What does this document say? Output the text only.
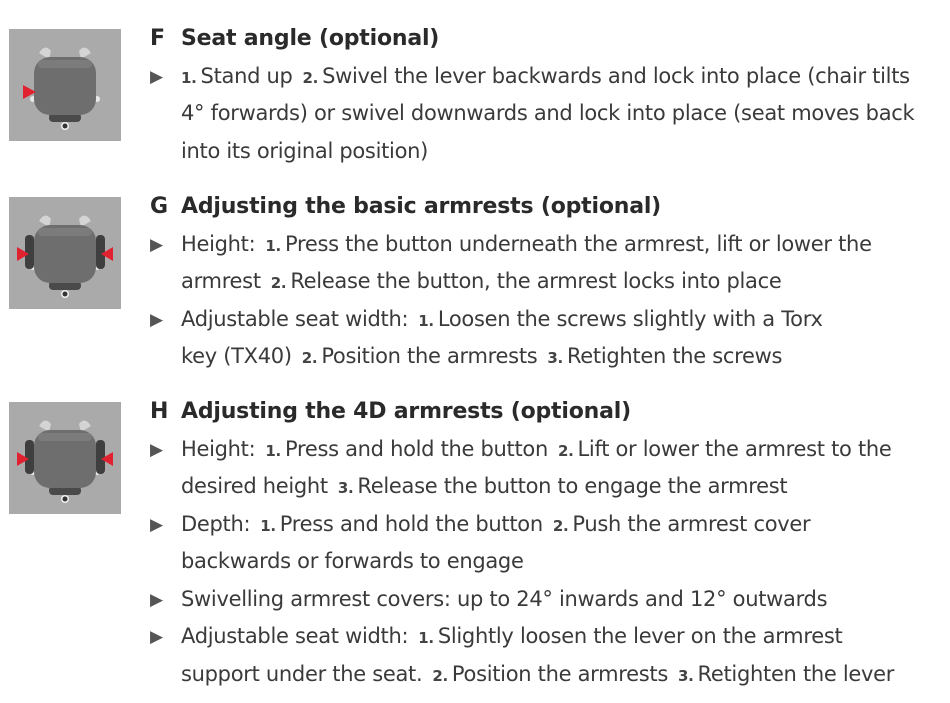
F Seat angle (optional)
▶	1. Stand up 2. Swivel the lever backwards and lock into place (chair tilts
4° forwards) or swivel downwards and lock into place (seat moves back
into its original position)
G Adjusting the basic armrests (optional)
▶ Height: 1. Press the button underneath the armrest, lift or lower the
armrest 2. Release the button, the armrest locks into place
▶ Adjustable seat width: 1. Loosen the screws slightly with a Torx
key (TX40) 2. Position the armrests 3. Retighten the screws
H Adjusting the 4D armrests (optional)
▶ Height: 1. Press and hold the button 2. Lift or lower the armrest to the
desired height 3. Release the button to engage the armrest
▶ Depth: 1. Press and hold the button 2. Push the armrest cover
backwards or forwards to engage
▶ Swivelling armrest covers: up to 24° inwards and 12° outwards
▶ Adjustable seat width: 1. Slightly loosen the lever on the armrest
support under the seat. 2. Position the armrests 3. Retighten the lever
